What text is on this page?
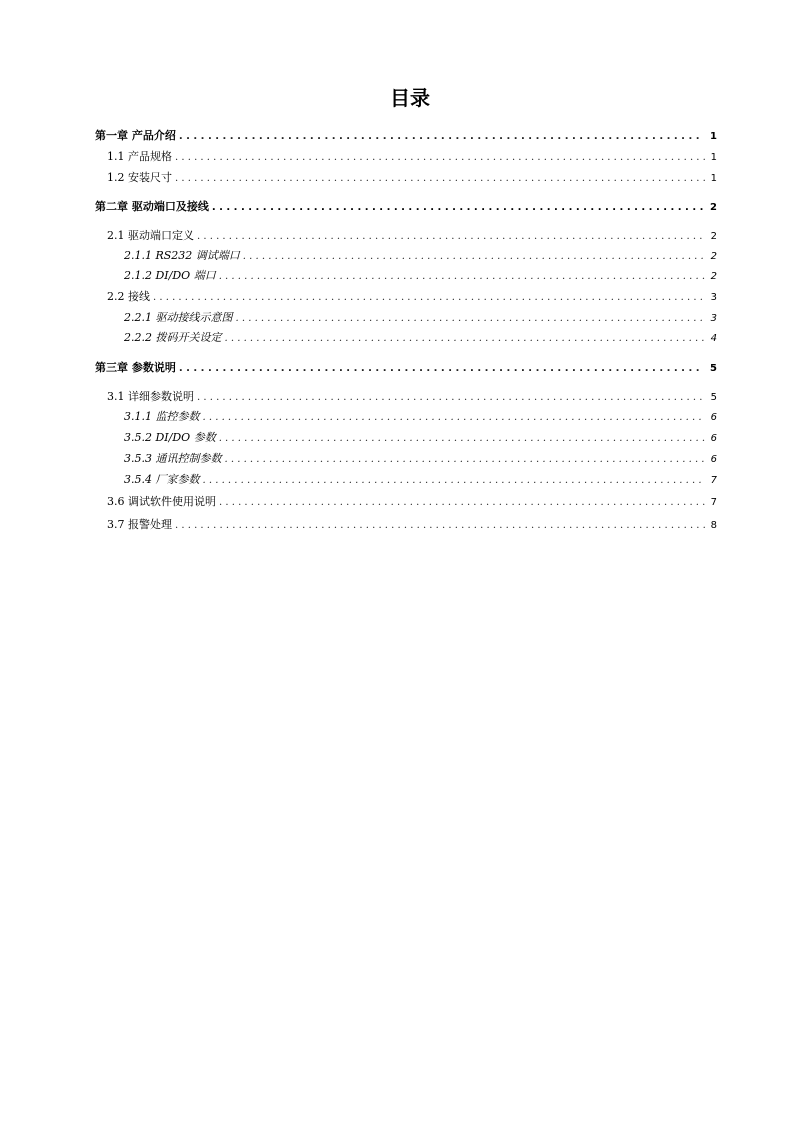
目录
第一章 产品介绍 . . .	1
1.1 产品规格 . . .	1
1.2 安装尺寸 . . .	1
第二章 驱动端口及接线 . . .	2
2.1 驱动端口定义 . . .	2
2.1.1 RS232 调试端口 . . .	2
2.1.2 DI/DO 端口 . . .	2
2.2 接线 . . .	3
2.2.1 驱动接线示意图 . . .	3
2.2.2 拨码开关设定 . . .	4
第三章 参数说明 . . .	5
3.1 详细参数说明 . . .	5
3.1.1 监控参数 . . .	6
3.5.2 DI/DO 参数 . . .	6
3.5.3 通讯控制参数 . . .	6
3.5.4 厂家参数 . . .	7
3.6 调试软件使用说明 . . .	7
3.7 报警处理 . . .	8
